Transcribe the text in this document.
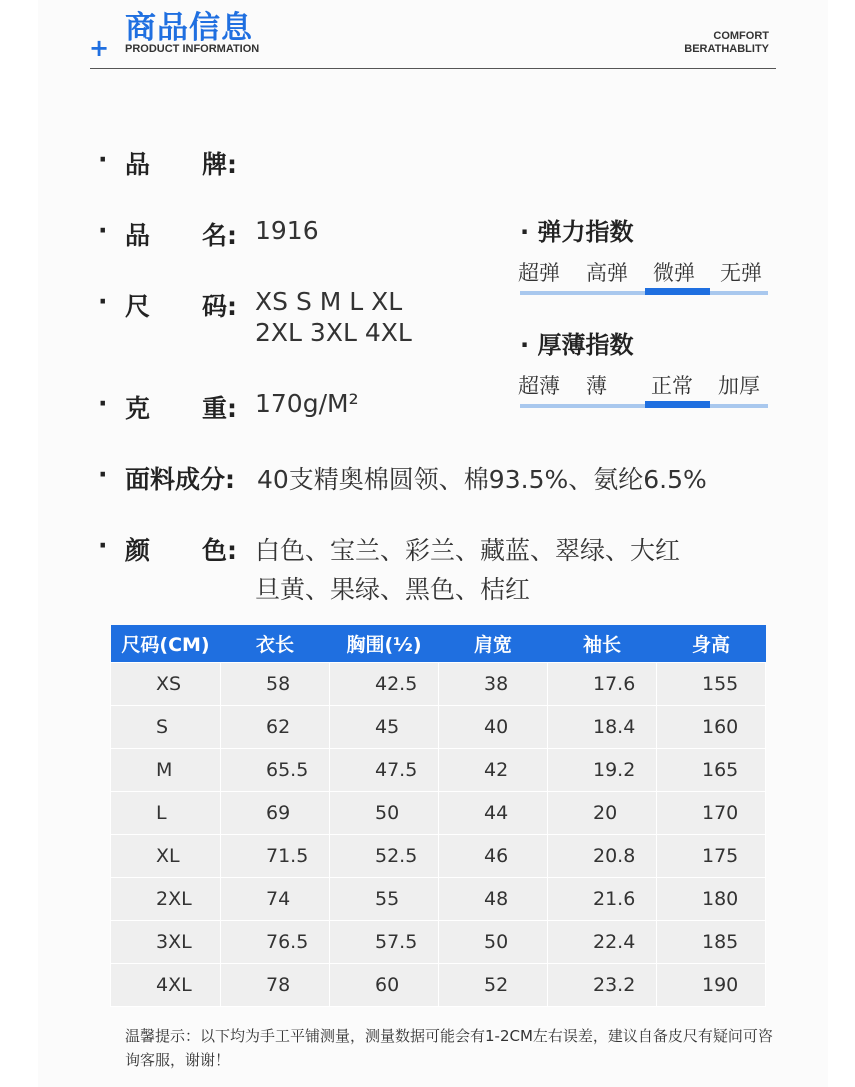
商品信息
+ PRODUCT INFORMATION
COMFORT
BERATHABLITY
· 品 牌:
· 品 名: 1916
· 尺 码: XS S M L XL
2XL 3XL 4XL
· 克 重: 170g/M²
· 面料成分: 40支精奥棉圆领、棉93.5%、氨纶6.5%
· 颜 色: 白色、宝兰、彩兰、藏蓝、翠绿、大红
旦黄、果绿、黑色、桔红
· 弹力指数
超弹 高弹 微弹 无弹
· 厚薄指数
超薄 薄 正常 加厚
尺码(CM)	衣长	胸围(½)	肩宽	袖长	身高
XS	58	42.5	38	17.6	155
S	62	45	40	18.4	160
M	65.5	47.5	42	19.2	165
L	69	50	44	20	170
XL	71.5	52.5	46	20.8	175
2XL	74	55	48	21.6	180
3XL	76.5	57.5	50	22.4	185
4XL	78	60	52	23.2	190
温馨提示：以下均为手工平铺测量，测量数据可能会有1-2CM左右误差，建议自备皮尺有疑问可咨询客服，谢谢！
